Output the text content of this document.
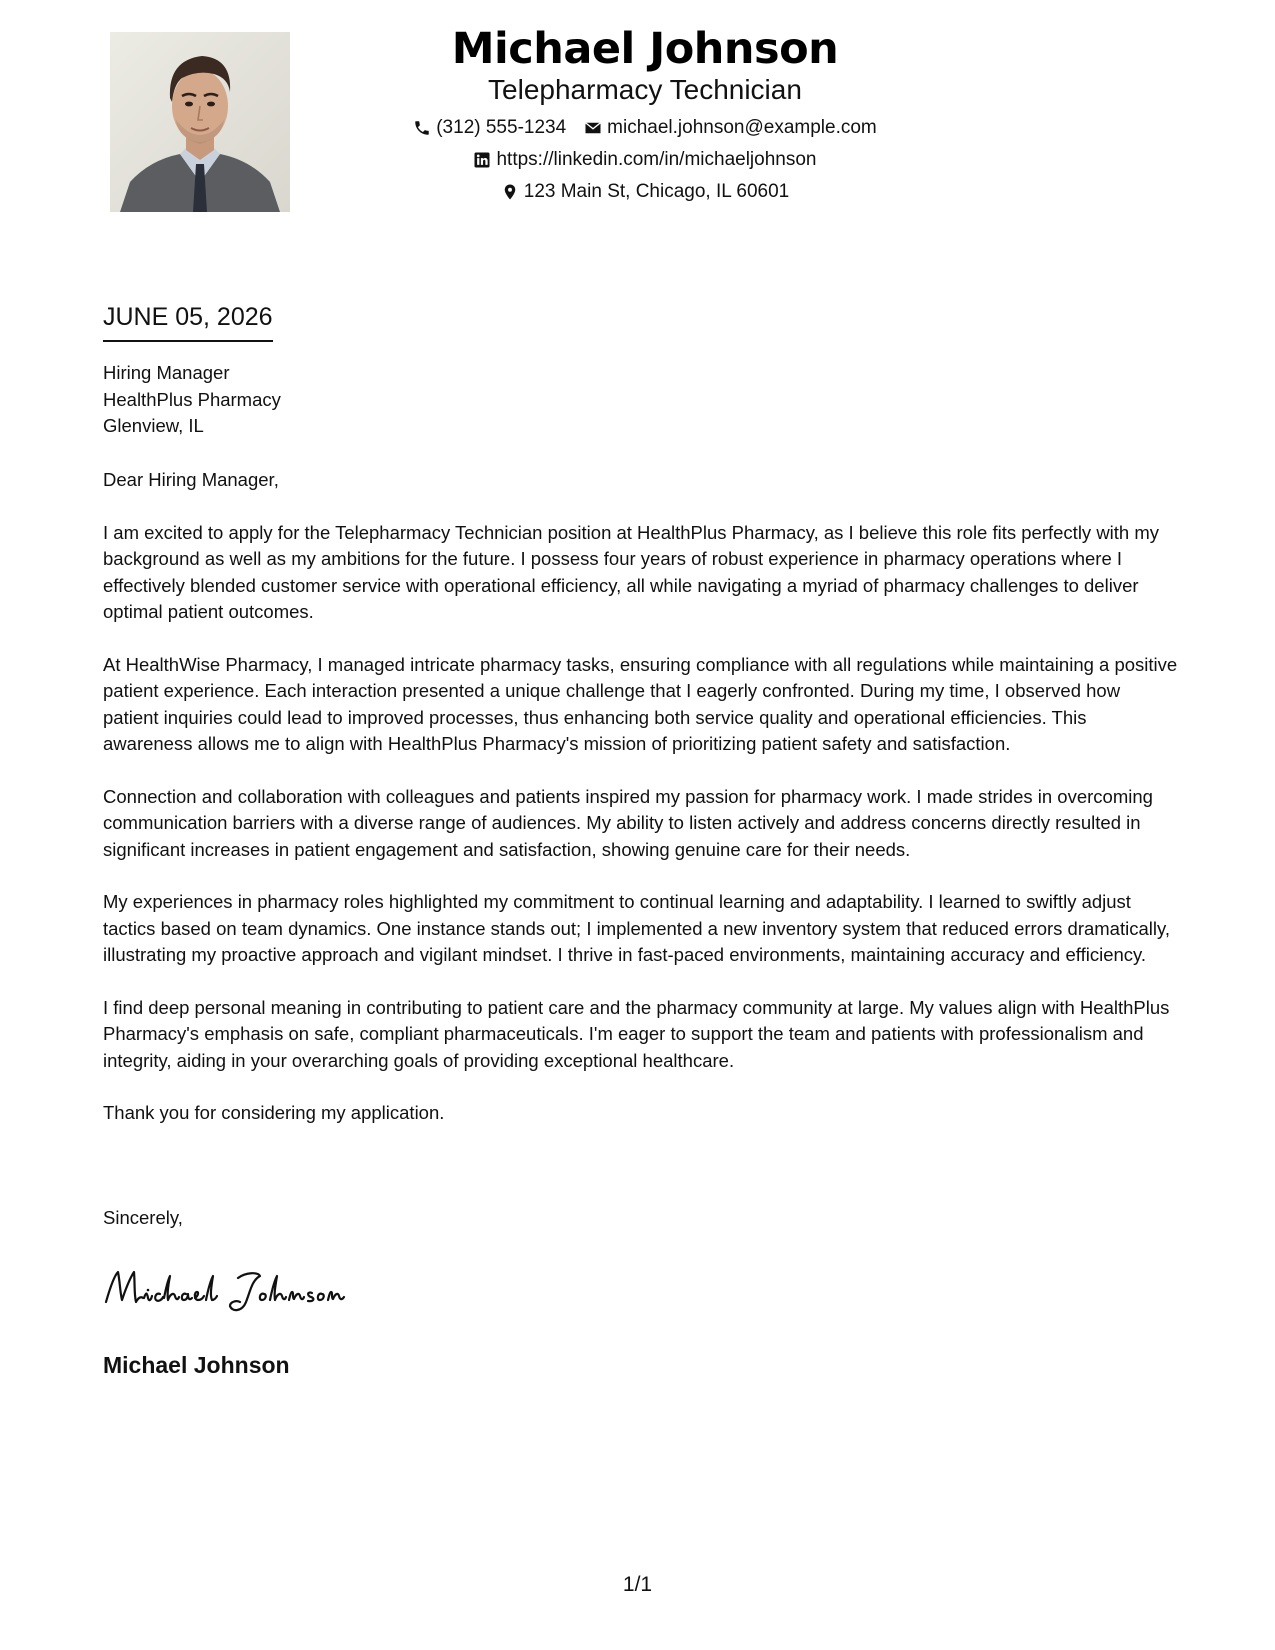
Michael Johnson
Telepharmacy Technician
(312) 555-1234 michael.johnson@example.com
https://linkedin.com/in/michaeljohnson
123 Main St, Chicago, IL 60601
JUNE 05, 2026
Hiring Manager
HealthPlus Pharmacy
Glenview, IL

Dear Hiring Manager,

I am excited to apply for the Telepharmacy Technician position at HealthPlus Pharmacy, as I believe this role fits perfectly with my background as well as my ambitions for the future. I possess four years of robust experience in pharmacy operations where I effectively blended customer service with operational efficiency, all while navigating a myriad of pharmacy challenges to deliver optimal patient outcomes.

At HealthWise Pharmacy, I managed intricate pharmacy tasks, ensuring compliance with all regulations while maintaining a positive patient experience. Each interaction presented a unique challenge that I eagerly confronted. During my time, I observed how patient inquiries could lead to improved processes, thus enhancing both service quality and operational efficiencies. This awareness allows me to align with HealthPlus Pharmacy's mission of prioritizing patient safety and satisfaction.

Connection and collaboration with colleagues and patients inspired my passion for pharmacy work. I made strides in overcoming communication barriers with a diverse range of audiences. My ability to listen actively and address concerns directly resulted in significant increases in patient engagement and satisfaction, showing genuine care for their needs.

My experiences in pharmacy roles highlighted my commitment to continual learning and adaptability. I learned to swiftly adjust tactics based on team dynamics. One instance stands out; I implemented a new inventory system that reduced errors dramatically, illustrating my proactive approach and vigilant mindset. I thrive in fast-paced environments, maintaining accuracy and efficiency.

I find deep personal meaning in contributing to patient care and the pharmacy community at large. My values align with HealthPlus Pharmacy's emphasis on safe, compliant pharmaceuticals. I'm eager to support the team and patients with professionalism and integrity, aiding in your overarching goals of providing exceptional healthcare.

Thank you for considering my application.

Sincerely,
Michael Johnson
1/1
